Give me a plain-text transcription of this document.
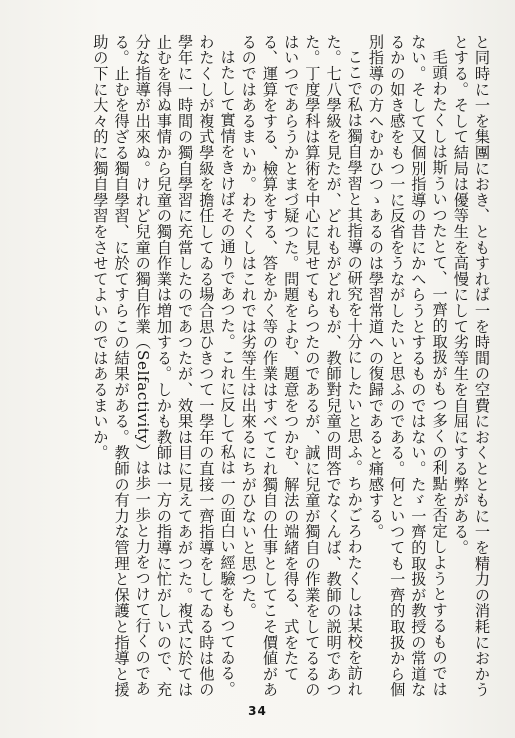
と同時に一を集團におき、ともすれば一を時間の空費におくとともに一を精力の消耗におかうとする。そして結局は優等生を高慢にして劣等生を自屈にする弊がある。

毛頭わたくしは斯ういつたとて、一齊的取扱がもつ多くの利點を否定しようとするものではない。そして又個別指導の昔にかへらうとするものではない。たゞ一齊的取扱が教授の常道なるかの如き感をもつ一に反省をうながしたいと思ふのである。何といつても一齊的取扱から個別指導の方へむかひつゝあるのは學習常道への復歸であると痛感する。

ここで私は獨自學習と其指導の研究を十分にしたいと思ふ。ちかごろわたくしは某校を訪れた。七八學級を見たが、どれもがどれもが、教師對兒童の問答でなくんば、教師の説明であつた。丁度學科は算術を中心に見せてもらつたのであるが、誠に兒童が獨自の作業をしてるるのはいつであらうかとまづ疑つた。問題をよむ、題意をつかむ、解法の端緒を得る、式をたてる、運算をする、檢算をする、答をかく等の作業はすべてこれ獨自の仕事としてこそ價値があるのではあるまいか。わたくしはこれでは劣等生は出來るにちがひないと思つた。

はたして實情をきけばその通りであつた。これに反して私は一の面白い經驗をもつてゐる。わたくしが複式學級を擔任してゐる場合思ひきつて一學年の直接一齊指導をしてゐる時は他の學年に一時間の獨自學習に充當したのであつたが、效果は目に見えてあがつた。複式に於ては止むを得ぬ事情から兒童の獨自作業は増加する。しかも教師は一方の指導に忙がしいので、充分な指導が出來ぬ。けれど兒童の獨自作業（Selfactivity）は歩一歩と力をつけて行くのである。止むを得ざる獨自學習、に於てすらこの結果がある。教師の有力な管理と保護と指導と援助の下に大々的に獨自學習をさせてよいのではあるまいか。

34
